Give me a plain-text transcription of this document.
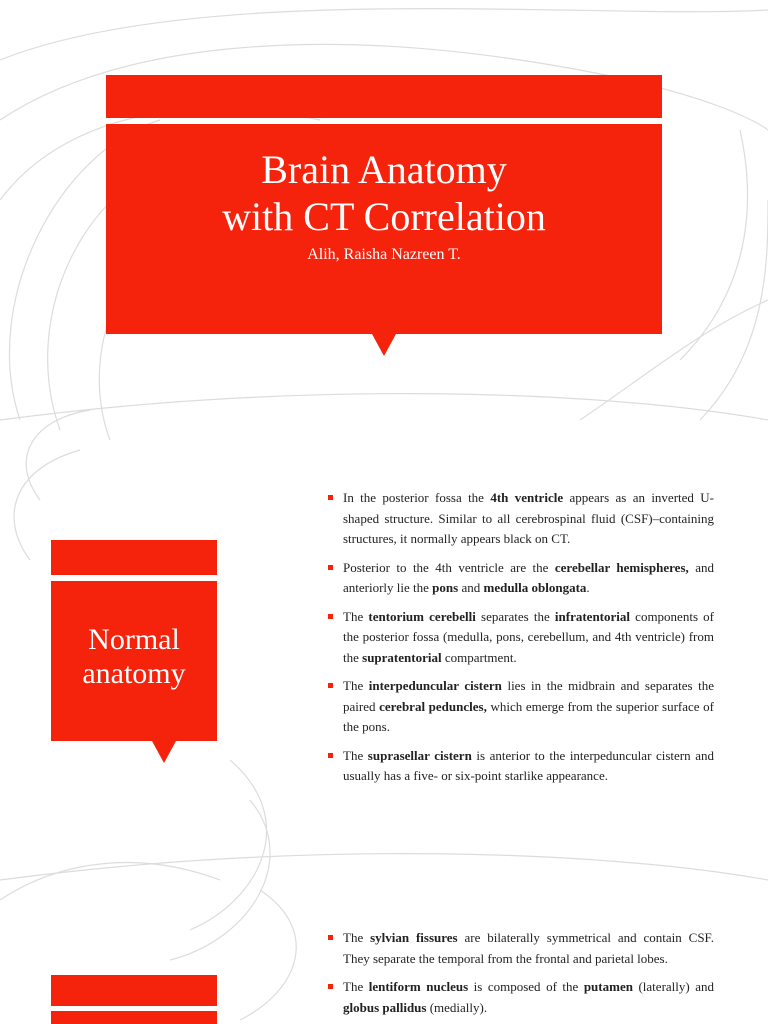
Brain Anatomy
with CT Correlation
Alih, Raisha Nazreen T.
Normal
anatomy
In the posterior fossa the 4th ventricle appears as an inverted U-shaped structure. Similar to all cerebrospinal fluid (CSF)–containing structures, it normally appears black on CT.
Posterior to the 4th ventricle are the cerebellar hemispheres, and anteriorly lie the pons and medulla oblongata.
The tentorium cerebelli separates the infratentorial components of the posterior fossa (medulla, pons, cerebellum, and 4th ventricle) from the supratentorial compartment.
The interpeduncular cistern lies in the midbrain and separates the paired cerebral peduncles, which emerge from the superior surface of the pons.
The suprasellar cistern is anterior to the interpeduncular cistern and usually has a five- or six-point starlike appearance.
The sylvian fissures are bilaterally symmetrical and contain CSF. They separate the temporal from the frontal and parietal lobes.
The lentiform nucleus is composed of the putamen (laterally) and globus pallidus (medially).
